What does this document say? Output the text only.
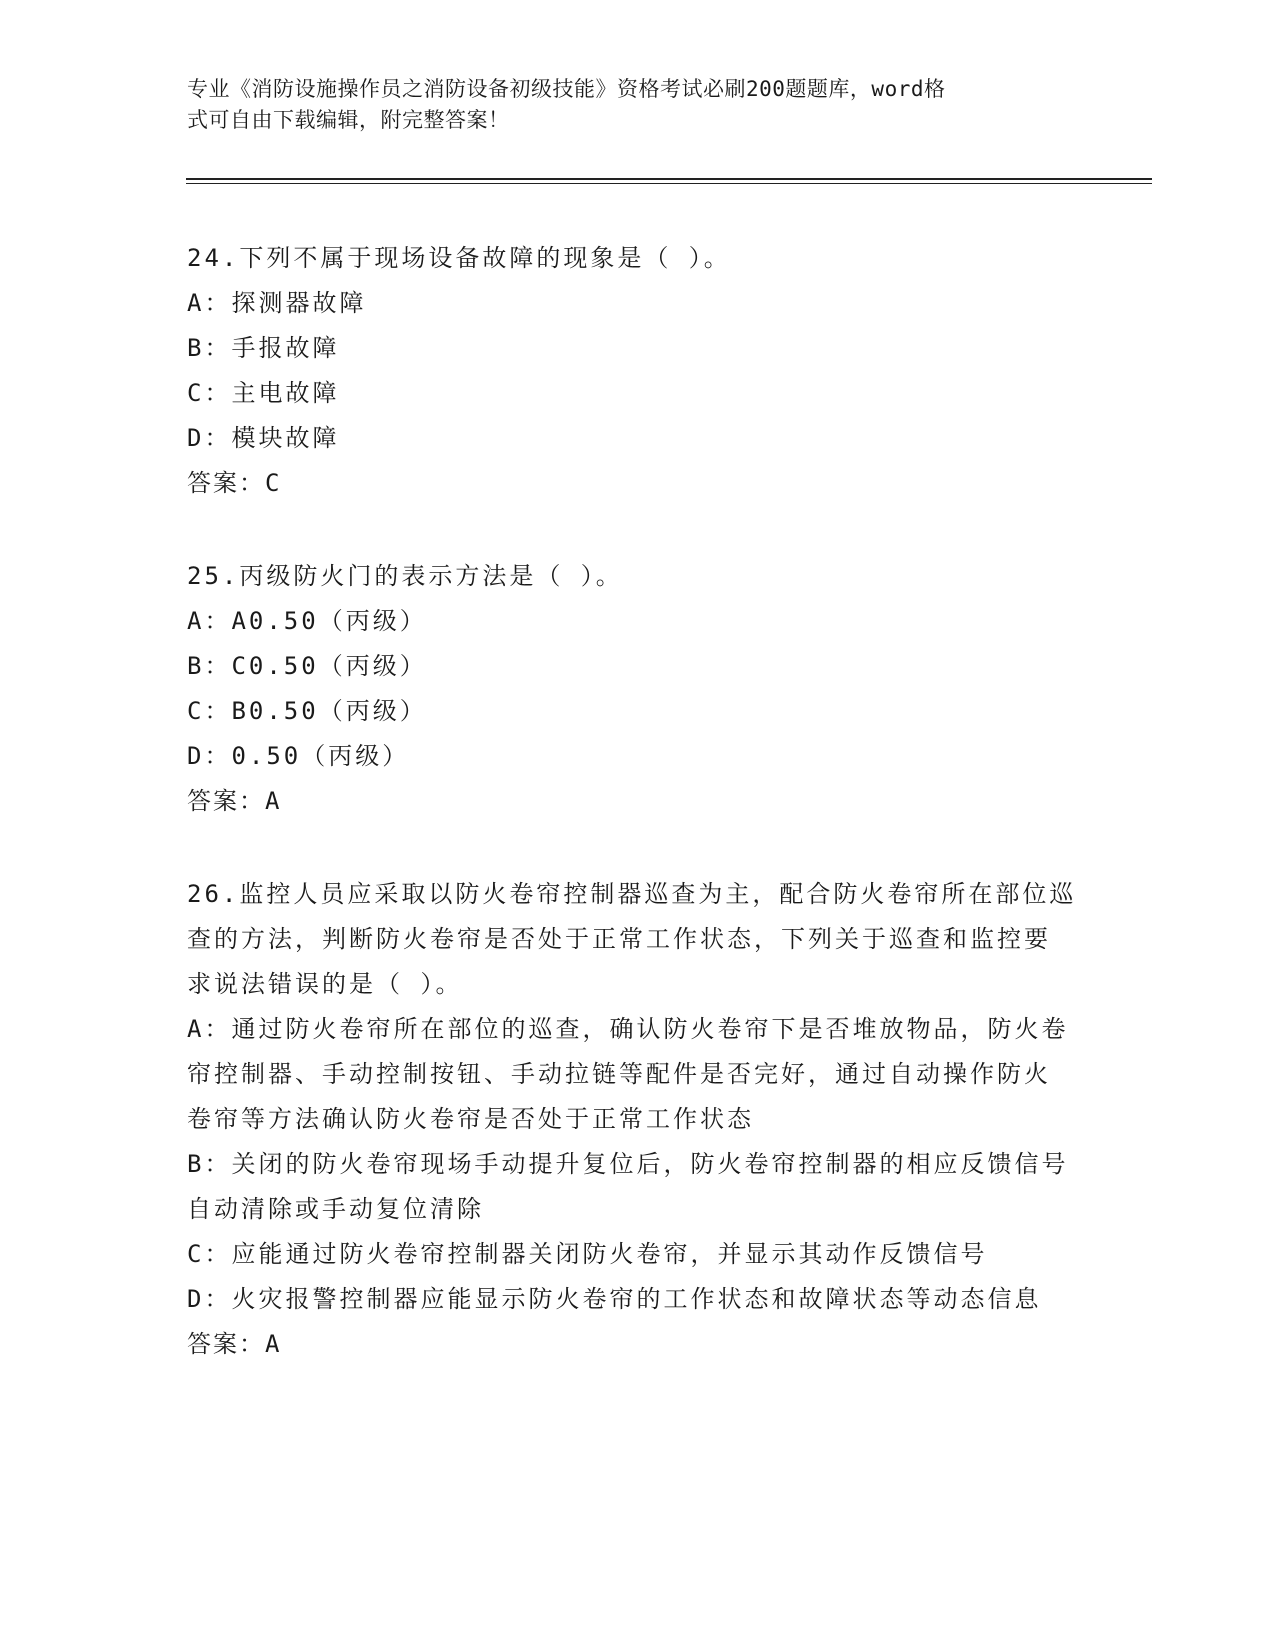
专业《消防设施操作员之消防设备初级技能》资格考试必刷200题题库，word格
式可自由下载编辑，附完整答案！

24.下列不属于现场设备故障的现象是（ ）。

A：探测器故障

B：手报故障

C：主电故障

D：模块故障

答案：C

25.丙级防火门的表示方法是（ ）。

A：A0.50（丙级）

B：C0.50（丙级）

C：B0.50（丙级）

D：0.50（丙级）

答案：A

26.监控人员应采取以防火卷帘控制器巡查为主，配合防火卷帘所在部位巡查的方法，判断防火卷帘是否处于正常工作状态，下列关于巡查和监控要求说法错误的是（ ）。

A：通过防火卷帘所在部位的巡查，确认防火卷帘下是否堆放物品，防火卷帘控制器、手动控制按钮、手动拉链等配件是否完好，通过自动操作防火卷帘等方法确认防火卷帘是否处于正常工作状态

B：关闭的防火卷帘现场手动提升复位后，防火卷帘控制器的相应反馈信号自动清除或手动复位清除

C：应能通过防火卷帘控制器关闭防火卷帘，并显示其动作反馈信号

D：火灾报警控制器应能显示防火卷帘的工作状态和故障状态等动态信息

答案：A
